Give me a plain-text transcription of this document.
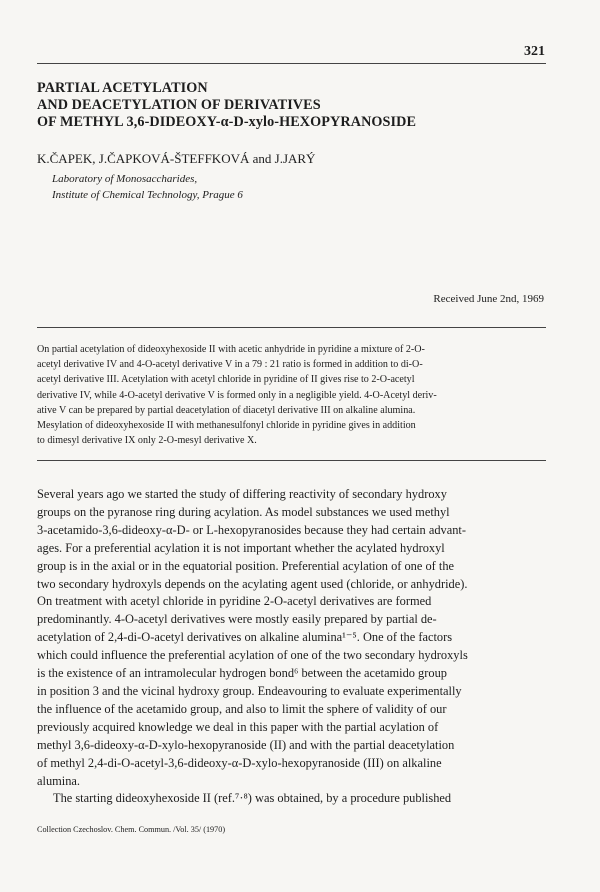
321
PARTIAL ACETYLATION
AND DEACETYLATION OF DERIVATIVES
OF METHYL 3,6-DIDEOXY-α-D-xylo-HEXOPYRANOSIDE
K.ČAPEK, J.ČAPKOVÁ-ŠTEFFKOVÁ and J.JARÝ
Laboratory of Monosaccharides,
Institute of Chemical Technology, Prague 6
Received June 2nd, 1969
On partial acetylation of dideoxyhexoside II with acetic anhydride in pyridine a mixture of 2-O-
acetyl derivative IV and 4-O-acetyl derivative V in a 79 : 21 ratio is formed in addition to di-O-
acetyl derivative III. Acetylation with acetyl chloride in pyridine of II gives rise to 2-O-acetyl
derivative IV, while 4-O-acetyl derivative V is formed only in a negligible yield. 4-O-Acetyl deriv-
ative V can be prepared by partial deacetylation of diacetyl derivative III on alkaline alumina.
Mesylation of dideoxyhexoside II with methanesulfonyl chloride in pyridine gives in addition
to dimesyl derivative IX only 2-O-mesyl derivative X.
Several years ago we started the study of differing reactivity of secondary hydroxy
groups on the pyranose ring during acylation. As model substances we used methyl
3-acetamido-3,6-dideoxy-α-D- or L-hexopyranosides because they had certain advant-
ages. For a preferential acylation it is not important whether the acylated hydroxyl
group is in the axial or in the equatorial position. Preferential acylation of one of the
two secondary hydroxyls depends on the acylating agent used (chloride, or anhydride).
On treatment with acetyl chloride in pyridine 2-O-acetyl derivatives are formed
predominantly. 4-O-acetyl derivatives were mostly easily prepared by partial de-
acetylation of 2,4-di-O-acetyl derivatives on alkaline alumina¹⁻⁵. One of the factors
which could influence the preferential acylation of one of the two secondary hydroxyls
is the existence of an intramolecular hydrogen bond⁶ between the acetamido group
in position 3 and the vicinal hydroxy group. Endeavouring to evaluate experimentally
the influence of the acetamido group, and also to limit the sphere of validity of our
previously acquired knowledge we deal in this paper with the partial acylation of
methyl 3,6-dideoxy-α-D-xylo-hexopyranoside (II) and with the partial deacetylation
of methyl 2,4-di-O-acetyl-3,6-dideoxy-α-D-xylo-hexopyranoside (III) on alkaline
alumina.
The starting dideoxyhexoside II (ref.⁷·⁸) was obtained, by a procedure published
Collection Czechoslov. Chem. Commun. /Vol. 35/ (1970)
